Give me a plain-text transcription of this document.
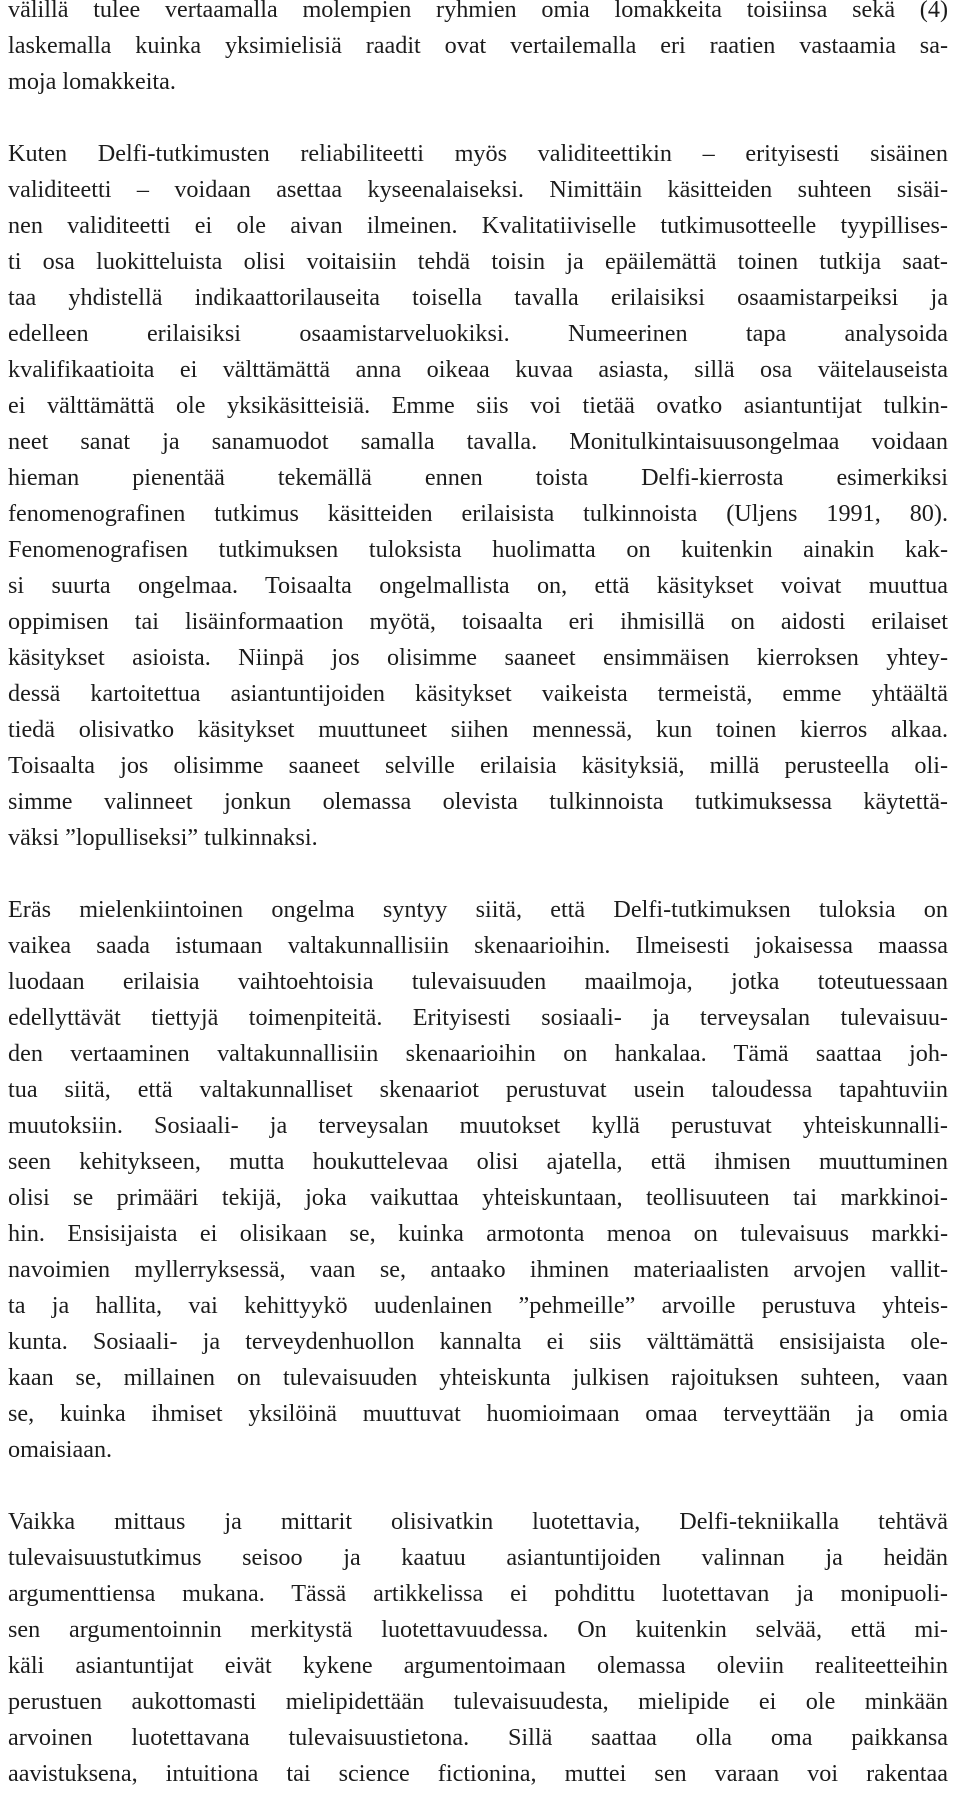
välillä tulee vertaamalla molempien ryhmien omia lomakkeita toisiinsa sekä (4)
laskemalla kuinka yksimielisiä raadit ovat vertailemalla eri raatien vastaamia sa-
moja lomakkeita.
Kuten Delfi-tutkimusten reliabiliteetti myös validiteettikin – erityisesti sisäinen
validiteetti – voidaan asettaa kyseenalaiseksi. Nimittäin käsitteiden suhteen sisäi-
nen validiteetti ei ole aivan ilmeinen. Kvalitatiiviselle tutkimusotteelle tyypillises-
ti osa luokitteluista olisi voitaisiin tehdä toisin ja epäilemättä toinen tutkija saat-
taa yhdistellä indikaattorilauseita toisella tavalla erilaisiksi osaamistarpeiksi ja
edelleen erilaisiksi osaamistarveluokiksi. Numeerinen tapa analysoida
kvalifikaatioita ei välttämättä anna oikeaa kuvaa asiasta, sillä osa väitelauseista
ei välttämättä ole yksikäsitteisiä. Emme siis voi tietää ovatko asiantuntijat tulkin-
neet sanat ja sanamuodot samalla tavalla. Monitulkintaisuusongelmaa voidaan
hieman pienentää tekemällä ennen toista Delfi-kierrosta esimerkiksi
fenomenografinen tutkimus käsitteiden erilaisista tulkinnoista (Uljens 1991, 80).
Fenomenografisen tutkimuksen tuloksista huolimatta on kuitenkin ainakin kak-
si suurta ongelmaa. Toisaalta ongelmallista on, että käsitykset voivat muuttua
oppimisen tai lisäinformaation myötä, toisaalta eri ihmisillä on aidosti erilaiset
käsitykset asioista. Niinpä jos olisimme saaneet ensimmäisen kierroksen yhtey-
dessä kartoitettua asiantuntijoiden käsitykset vaikeista termeistä, emme yhtäältä
tiedä olisivatko käsitykset muuttuneet siihen mennessä, kun toinen kierros alkaa.
Toisaalta jos olisimme saaneet selville erilaisia käsityksiä, millä perusteella oli-
simme valinneet jonkun olemassa olevista tulkinnoista tutkimuksessa käytettä-
väksi ”lopulliseksi” tulkinnaksi.
Eräs mielenkiintoinen ongelma syntyy siitä, että Delfi-tutkimuksen tuloksia on
vaikea saada istumaan valtakunnallisiin skenaarioihin. Ilmeisesti jokaisessa maassa
luodaan erilaisia vaihtoehtoisia tulevaisuuden maailmoja, jotka toteutuessaan
edellyttävät tiettyjä toimenpiteitä. Erityisesti sosiaali- ja terveysalan tulevaisuu-
den vertaaminen valtakunnallisiin skenaarioihin on hankalaa. Tämä saattaa joh-
tua siitä, että valtakunnalliset skenaariot perustuvat usein taloudessa tapahtuviin
muutoksiin. Sosiaali- ja terveysalan muutokset kyllä perustuvat yhteiskunnalli-
seen kehitykseen, mutta houkuttelevaa olisi ajatella, että ihmisen muuttuminen
olisi se primääri tekijä, joka vaikuttaa yhteiskuntaan, teollisuuteen tai markkinoi-
hin. Ensisijaista ei olisikaan se, kuinka armotonta menoa on tulevaisuus markki-
navoimien myllerryksessä, vaan se, antaako ihminen materiaalisten arvojen vallit-
ta ja hallita, vai kehittyykö uudenlainen ”pehmeille” arvoille perustuva yhteis-
kunta. Sosiaali- ja terveydenhuollon kannalta ei siis välttämättä ensisijaista ole-
kaan se, millainen on tulevaisuuden yhteiskunta julkisen rajoituksen suhteen, vaan
se, kuinka ihmiset yksilöinä muuttuvat huomioimaan omaa terveyttään ja omia
omaisiaan.
Vaikka mittaus ja mittarit olisivatkin luotettavia, Delfi-tekniikalla tehtävä
tulevaisuustutkimus seisoo ja kaatuu asiantuntijoiden valinnan ja heidän
argumenttiensa mukana. Tässä artikkelissa ei pohdittu luotettavan ja monipuoli-
sen argumentoinnin merkitystä luotettavuudessa. On kuitenkin selvää, että mi-
käli asiantuntijat eivät kykene argumentoimaan olemassa oleviin realiteetteihin
perustuen aukottomasti mielipidettään tulevaisuudesta, mielipide ei ole minkään
arvoinen luotettavana tulevaisuustietona. Sillä saattaa olla oma paikkansa
aavistuksena, intuitiona tai science fictionina, muttei sen varaan voi rakentaa
